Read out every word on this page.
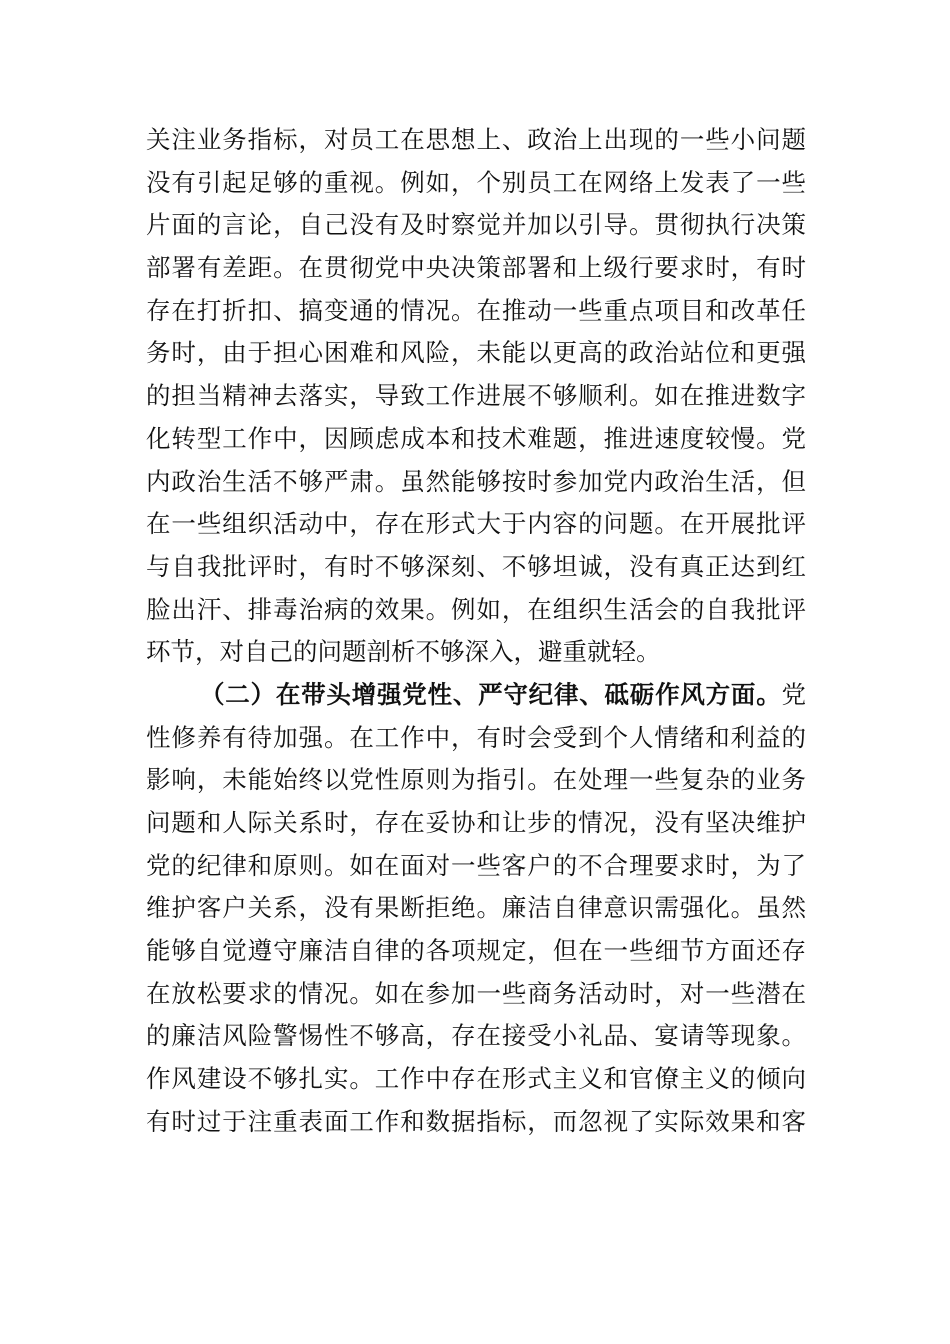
关注业务指标，对员工在思想上、政治上出现的一些小问题
没有引起足够的重视。例如，个别员工在网络上发表了一些
片面的言论，自己没有及时察觉并加以引导。贯彻执行决策
部署有差距。在贯彻党中央决策部署和上级行要求时，有时
存在打折扣、搞变通的情况。在推动一些重点项目和改革任
务时，由于担心困难和风险，未能以更高的政治站位和更强
的担当精神去落实，导致工作进展不够顺利。如在推进数字
化转型工作中，因顾虑成本和技术难题，推进速度较慢。党
内政治生活不够严肃。虽然能够按时参加党内政治生活，但
在一些组织活动中，存在形式大于内容的问题。在开展批评
与自我批评时，有时不够深刻、不够坦诚，没有真正达到红
脸出汗、排毒治病的效果。例如，在组织生活会的自我批评
环节，对自己的问题剖析不够深入，避重就轻。
（二）在带头增强党性、严守纪律、砥砺作风方面。党
性修养有待加强。在工作中，有时会受到个人情绪和利益的
影响，未能始终以党性原则为指引。在处理一些复杂的业务
问题和人际关系时，存在妥协和让步的情况，没有坚决维护
党的纪律和原则。如在面对一些客户的不合理要求时，为了
维护客户关系，没有果断拒绝。廉洁自律意识需强化。虽然
能够自觉遵守廉洁自律的各项规定，但在一些细节方面还存
在放松要求的情况。如在参加一些商务活动时，对一些潜在
的廉洁风险警惕性不够高，存在接受小礼品、宴请等现象。
作风建设不够扎实。工作中存在形式主义和官僚主义的倾向
有时过于注重表面工作和数据指标，而忽视了实际效果和客
